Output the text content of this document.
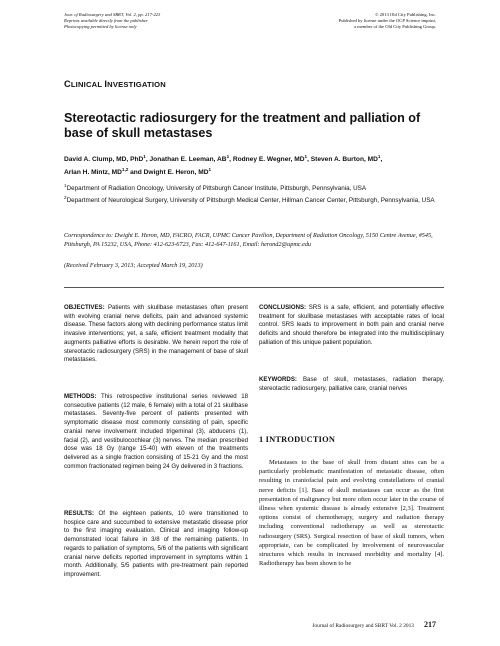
Jour. of Radiosurgery and SBRT, Vol. 2, pp. 217-223
Reprints available directly from the publisher
Photocopying permitted by license only
© 2013 Old City Publishing, Inc.
Published by license under the OCP Science imprint,
a member of the Old City Publishing Group.
CLINICAL INVESTIGATION
Stereotactic radiosurgery for the treatment and palliation of base of skull metastases
David A. Clump, MD, PhD$^1$, Jonathan E. Leeman, $AB^1$, Rodney E. Wegner, $MD^1$, Steven A. Burton, $MD^1$,
Arlan H. Mintz, MD$^{1,2}$ and Dwight E. Heron, $MD^1$
$^1$Department of Radiation Oncology, University of Pittsburgh Cancer Institute, Pittsburgh, Pennsylvania, USA
$^2$Department of Neurological Surgery, University of Pittsburgh Medical Center, Hillman Cancer Center, Pittsburgh, Pennsylvania, USA
Correspondence to: Dwight E. Heron, MD, FACRO, FACR, UPMC Cancer Pavilion, Department of Radiation Oncology, 5150 Centre Avenue, #545, Pittsburgh, PA 15232, USA, Phone: 412-623-6723, Fax: 412-647-1161, Email: herond2@upmc.edu
(Received February 3, 2013; Accepted March 19, 2013)
OBJECTIVES: Patients with skullbase metastases often present with evolving cranial nerve deficits, pain and advanced systemic disease. These factors along with declining performance status limit invasive interventions; yet, a safe, efficient treatment modality that augments palliative efforts is desirable. We herein report the role of stereotactic radiosurgery (SRS) in the management of base of skull metastases.
METHODS: This retrospective institutional series reviewed 18 consecutive patients (12 male, 6 female) with a total of 21 skullbase metastases. Seventy-five percent of patients presented with symptomatic disease most commonly consisting of pain, specific cranial nerve involvement included trigeminal (3), abducens (1), facial (2), and vestibulocochlear (3) nerves. The median prescribed dose was 18 Gy (range 15-40) with eleven of the treatments delivered as a single fraction consisting of 15-21 Gy and the most common fractionated regimen being 24 Gy delivered in 3 fractions.
RESULTS: Of the eighteen patients, 10 were transitioned to hospice care and succumbed to extensive metastatic disease prior to the first imaging evaluation. Clinical and imaging follow-up demonstrated local failure in 3/8 of the remaining patients. In regards to palliation of symptoms, 5/6 of the patients with significant cranial nerve deficits reported improvement in symptoms within 1 month. Additionally, 5/5 patients with pre-treatment pain reported improvement.
CONCLUSIONS: SRS is a safe, efficient, and potentially effective treatment for skullbase metastases with acceptable rates of local control. SRS leads to improvement in both pain and cranial nerve deficits and should therefore be integrated into the multidisciplinary palliation of this unique patient population.
KEYWORDS: Base of skull, metastases, radiation therapy, stereotactic radiosurgery, palliative care, cranial nerves
1 INTRODUCTION
Metastases to the base of skull from distant sites can be a particularly problematic manifestation of metastatic disease, often resulting in craniofacial pain and evolving constellations of cranial nerve deficits [1]. Base of skull metastases can occur as the first presentation of malignancy but more often occur later in the course of illness when systemic disease is already extensive [2,3]. Treatment options consist of chemotherapy, surgery and radiation therapy including conventional radiotherapy as well as stereotactic radiosurgery (SRS). Surgical resection of base of skull tumors, when appropriate, can be complicated by involvement of neurovascular structures which results in increased morbidity and mortality [4]. Radiotherapy has been shown to be
Journal of Radiosurgery and SBRT Vol. 2 2013 217
